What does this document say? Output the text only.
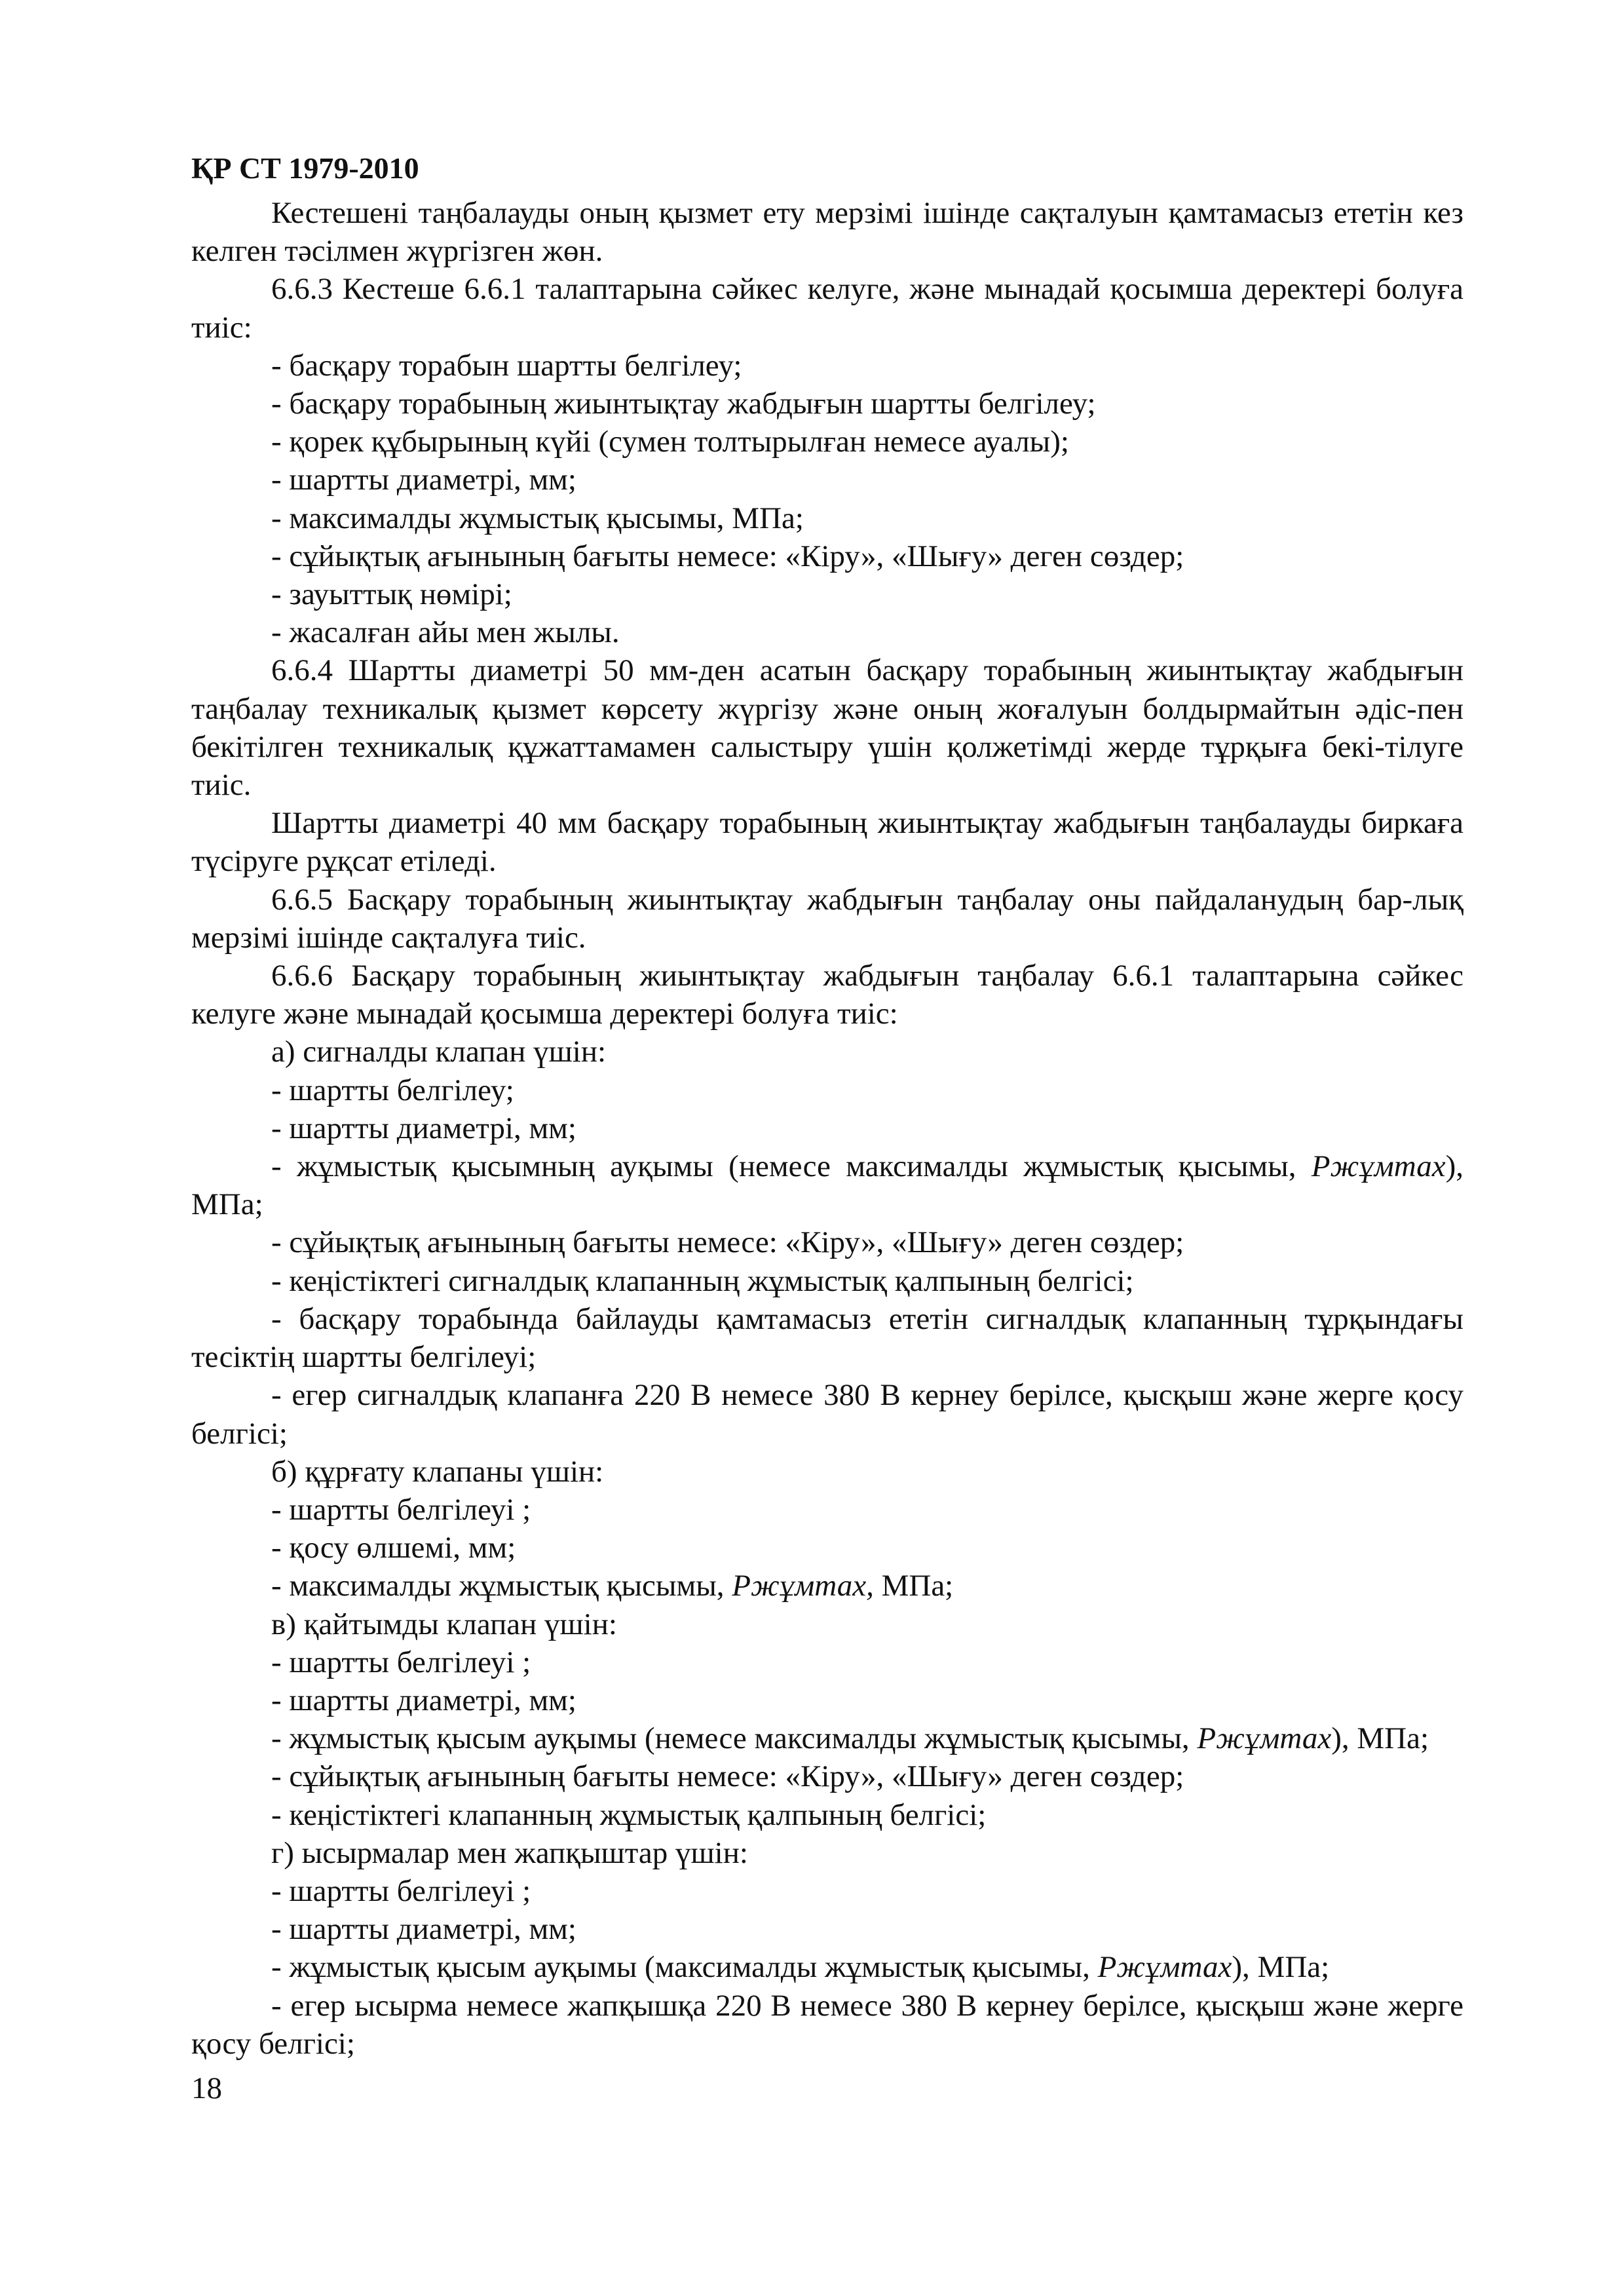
ҚР СТ 1979-2010

Кестешені таңбалауды оның қызмет ету мерзімі ішінде сақталуын қамтамасыз ететін кез келген тәсілмен жүргізген жөн.

6.6.3 Кестеше 6.6.1 талаптарына сәйкес келуге, және мынадай қосымша деректері болуға тиіс:

- басқару торабын шартты белгілеу;

- басқару торабының жиынтықтау жабдығын шартты белгілеу;

- қорек құбырының күйі (сумен толтырылған немесе ауалы);

- шартты диаметрі, мм;

- максималды жұмыстық қысымы, МПа;

- сұйықтық ағынының бағыты немесе: «Кіру», «Шығу» деген сөздер;

- зауыттық нөмірі;

- жасалған айы мен жылы.

6.6.4 Шартты диаметрі 50 мм-ден асатын басқару торабының жиынтықтау жабдығын таңбалау техникалық қызмет көрсету жүргізу және оның жоғалуын болдырмайтын әдіс-пен бекітілген техникалық құжаттамамен салыстыру үшін қолжетімді жерде тұрқыға бекі-тілуге тиіс.

Шартты диаметрі 40 мм басқару торабының жиынтықтау жабдығын таңбалауды биркаға түсіруге рұқсат етіледі.

6.6.5 Басқару торабының жиынтықтау жабдығын таңбалау оны пайдаланудың бар-лық мерзімі ішінде сақталуға тиіс.

6.6.6 Басқару торабының жиынтықтау жабдығын таңбалау 6.6.1 талаптарына сәйкес келуге және мынадай қосымша деректері болуға тиіс:

а) сигналды клапан үшін:

- шартты белгілеу;

- шартты диаметрі, мм;

- жұмыстық қысымның ауқымы (немесе максималды жұмыстық қысымы, Ржұмтах), МПа;

- сұйықтық ағынының бағыты немесе: «Кіру», «Шығу» деген сөздер;

- кеңістіктегі сигналдық клапанның жұмыстық қалпының белгісі;

- басқару торабында байлауды қамтамасыз ететін сигналдық клапанның тұрқындағы тесіктің шартты белгілеуі;

- егер сигналдық клапанға 220 В немесе 380 В кернеу берілсе, қысқыш және жерге қосу белгісі;

б) құрғату клапаны үшін:

- шартты белгілеуі ;

- қосу өлшемі, мм;

- максималды жұмыстық қысымы, Ржұмтах, МПа;

в) қайтымды клапан үшін:

- шартты белгілеуі ;

- шартты диаметрі, мм;

- жұмыстық қысым ауқымы (немесе максималды жұмыстық қысымы, Ржұмтах), МПа;

- сұйықтық ағынының бағыты немесе: «Кіру», «Шығу» деген сөздер;

- кеңістіктегі клапанның жұмыстық қалпының белгісі;

г) ысырмалар мен жапқыштар үшін:

- шартты белгілеуі ;

- шартты диаметрі, мм;

- жұмыстық қысым ауқымы (максималды жұмыстық қысымы, Ржұмтах), МПа;

- егер ысырма немесе жапқышқа 220 В немесе 380 В кернеу берілсе, қысқыш және жерге қосу белгісі;

18
